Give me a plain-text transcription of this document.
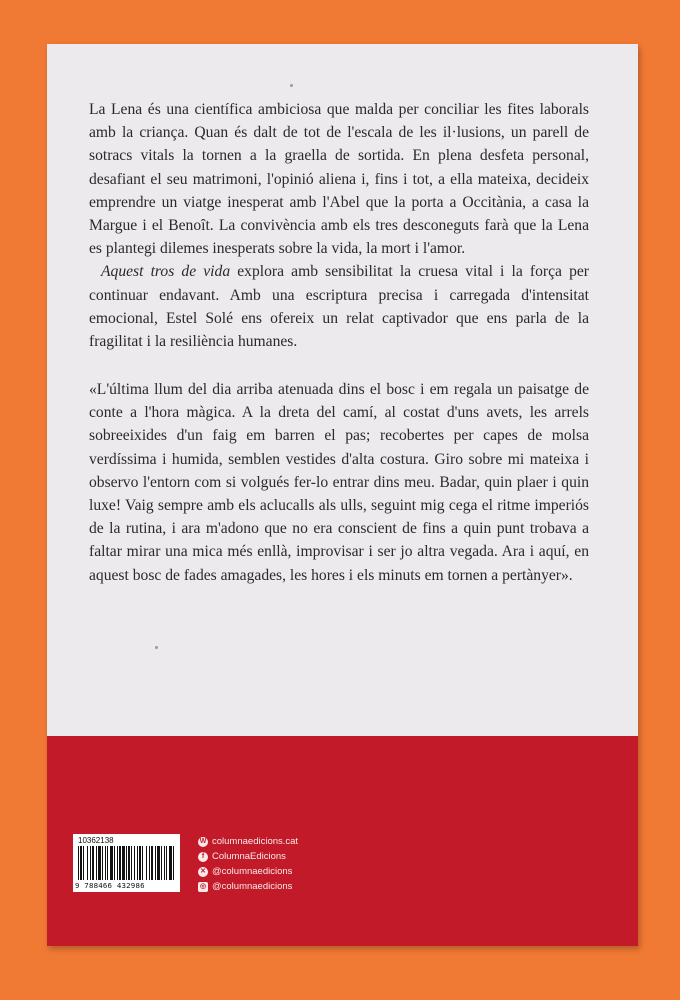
La Lena és una científica ambiciosa que malda per conciliar les fites laborals amb la criança. Quan és dalt de tot de l'escala de les il·lusions, un parell de sotracs vitals la tornen a la graella de sortida. En plena desfeta personal, desafiant el seu matrimoni, l'opinió aliena i, fins i tot, a ella mateixa, decideix emprendre un viatge inesperat amb l'Abel que la porta a Occitània, a casa la Margue i el Benoît. La convivència amb els tres desconeguts farà que la Lena es plantegi dilemes inesperats sobre la vida, la mort i l'amor.

Aquest tros de vida explora amb sensibilitat la cruesa vital i la força per continuar endavant. Amb una escriptura precisa i carregada d'intensitat emocional, Estel Solé ens ofereix un relat captivador que ens parla de la fragilitat i la resiliència humanes.

«L'última llum del dia arriba atenuada dins el bosc i em regala un paisatge de conte a l'hora màgica. A la dreta del camí, al costat d'uns avets, les arrels sobreeixides d'un faig em barren el pas; recobertes per capes de molsa verdíssima i humida, semblen vestides d'alta costura. Giro sobre mi mateixa i observo l'entorn com si volgués fer-lo entrar dins meu. Badar, quin plaer i quin luxe! Vaig sempre amb els aclucalls als ulls, seguint mig cega el ritme imperiós de la rutina, i ara m'adono que no era conscient de fins a quin punt trobava a faltar mirar una mica més enllà, improvisar i ser jo altra vegada. Ara i aquí, en aquest bosc de fades amagades, les hores i els minuts em tornen a pertànyer».

10362138
9 788466 432986
W columnaedicions.cat
f ColumnaEdicions
✕ @columnaedicions
◎ @columnaedicions
